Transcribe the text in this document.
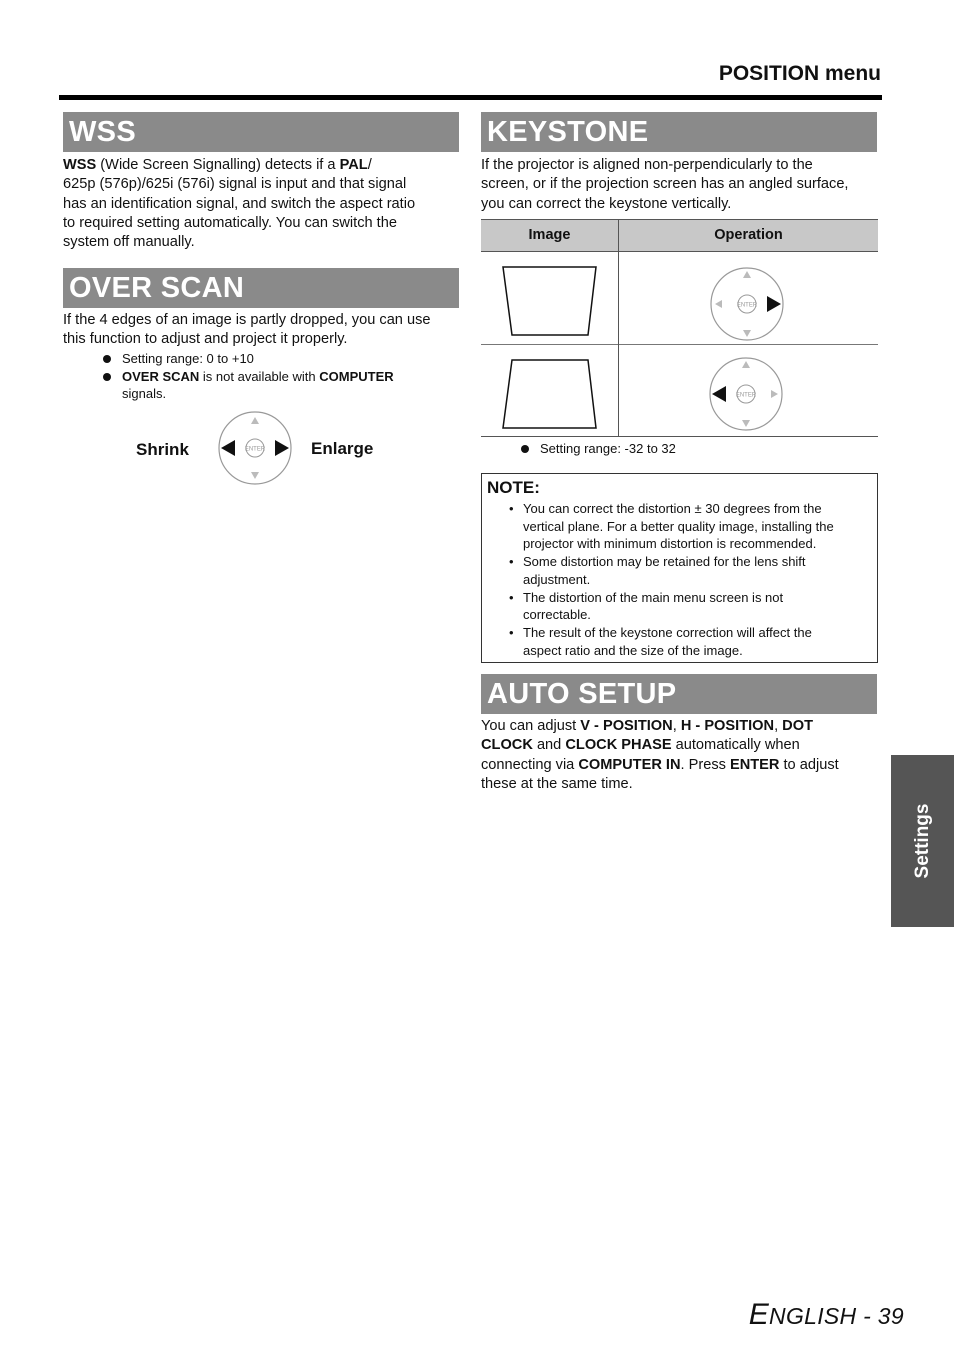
POSITION menu
WSS
WSS (Wide Screen Signalling) detects if a PAL/
625p (576p)/625i (576i) signal is input and that signal
has an identification signal, and switch the aspect ratio
to required setting automatically. You can switch the
system off manually.
OVER SCAN
If the 4 edges of an image is partly dropped, you can use
this function to adjust and project it properly.
Setting range: 0 to +10
OVER SCAN is not available with COMPUTER
signals.
Shrink	Enlarge
ENTER
KEYSTONE
If the projector is aligned non-perpendicularly to the
screen, or if the projection screen has an angled surface,
you can correct the keystone vertically.
Image	Operation
ENTER
ENTER
Setting range: -32 to 32
NOTE:
• You can correct the distortion ± 30 degrees from the
vertical plane. For a better quality image, installing the
projector with minimum distortion is recommended.
• Some distortion may be retained for the lens shift
adjustment.
• The distortion of the main menu screen is not
correctable.
• The result of the keystone correction will affect the
aspect ratio and the size of the image.
AUTO SETUP
You can adjust V - POSITION, H - POSITION, DOT
CLOCK and CLOCK PHASE automatically when
connecting via COMPUTER IN. Press ENTER to adjust
these at the same time.
Settings
ENGLISH - 39
